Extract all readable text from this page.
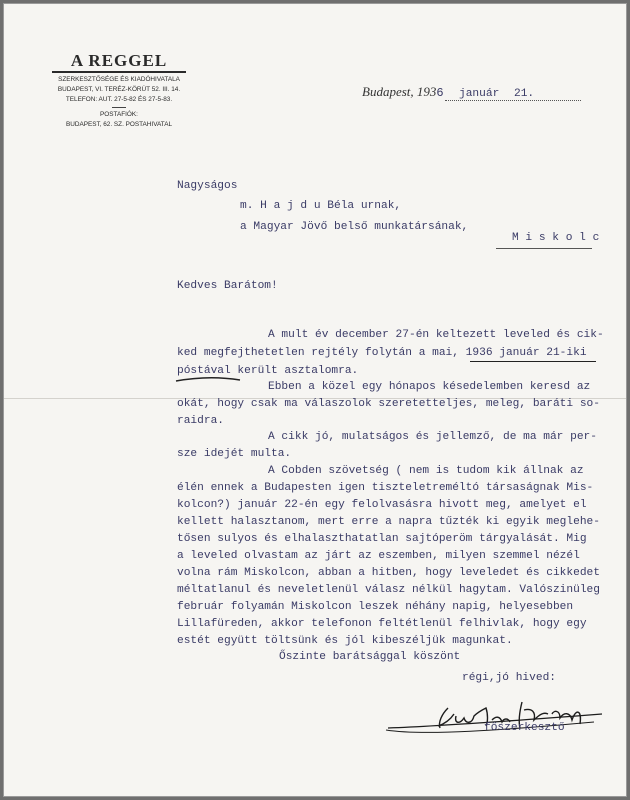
A REGGEL
SZERKESZTŐSÉGE ÉS KIADÓHIVATALA
BUDAPEST, VI. TERÉZ-KÖRÚT 52. III. 14.
TELEFON: AUT. 27-5-82 ÉS 27-5-83.
POSTAFIÓK:
BUDAPEST, 62. SZ. POSTAHIVATAL
Budapest, 1936 január 21.
Nagyságos
m. H a j d u Béla urnak,
a Magyar Jövő belső munkatársának,
M i s k o l c
Kedves Barátom!
A mult év december 27-én keltezett leveled és cik-
ked megfejthetetlen rejtély folytán a mai, 1936 január 21-iki
póstával került asztalomra.
Ebben a közel egy hónapos késedelemben keresd az
okát, hogy csak ma válaszolok szeretetteljes, meleg, baráti so-
raidra.
A cikk jó, mulatságos és jellemző, de ma már per-
sze idejét multa.
A Cobden szövetség ( nem is tudom kik állnak az
élén ennek a Budapesten igen tiszteletreméltó társaságnak Mis-
kolcon?) január 22-én egy felolvasásra hivott meg, amelyet el
kellett halasztanom, mert erre a napra tűzték ki egyik meglehe-
tősen sulyos és elhalaszthatatlan sajtóperöm tárgyalását. Mig
a leveled olvastam az járt az eszemben, milyen szemmel nézél
volna rám Miskolcon, abban a hitben, hogy leveledet és cikkedet
méltatlanul és neveletlenül válasz nélkül hagytam. Valószinüleg
február folyamán Miskolcon leszek néhány napig, helyesebben
Lillafüreden, akkor telefonon feltétlenül felhivlak, hogy egy
estét együtt töltsünk és jól kibeszéljük magunkat.
Őszinte barátsággal köszönt
régi,jó hived:
főszerkesztő
